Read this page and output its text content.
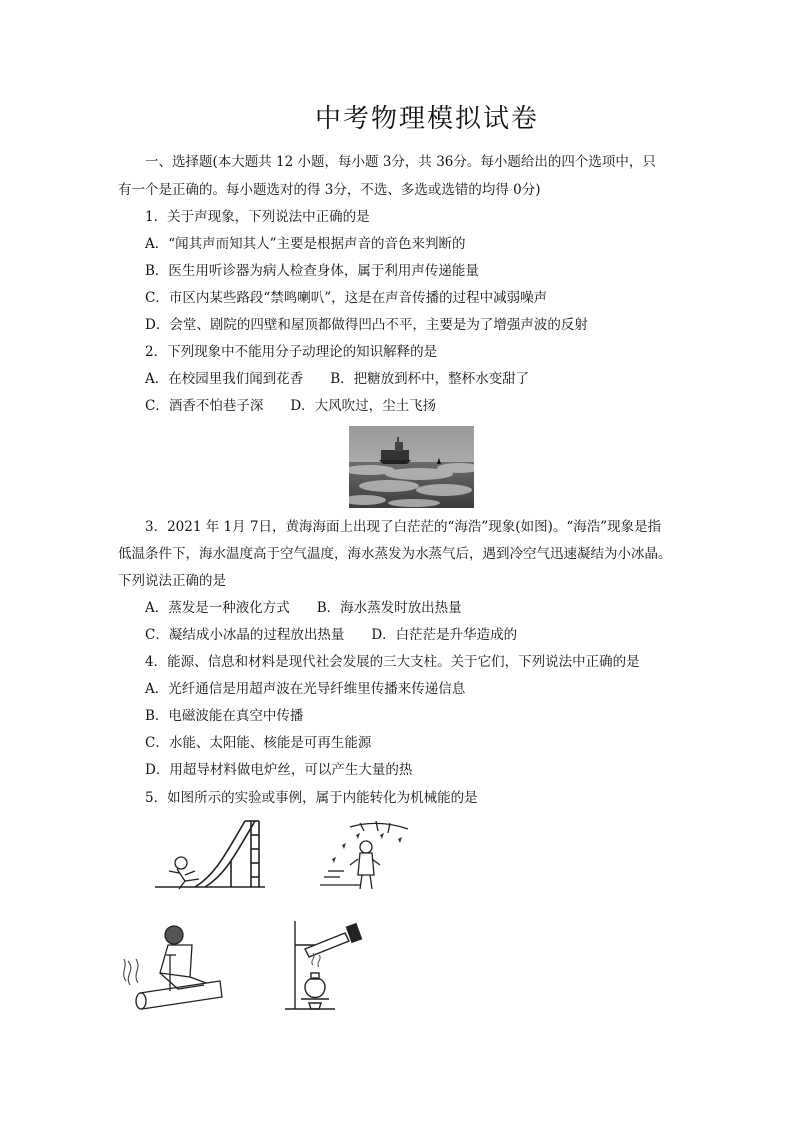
中考物理模拟试卷
一、选择题(本大题共 12 小题，每小题 3分，共 36分。每小题给出的四个选项中，只
有一个是正确的。每小题选对的得 3分，不选、多选或选错的均得 0分)
1．关于声现象，下列说法中正确的是
A．“闻其声而知其人”主要是根据声音的音色来判断的
B．医生用听诊器为病人检查身体，属于利用声传递能量
C．市区内某些路段“禁鸣喇叭”，这是在声音传播的过程中减弱噪声
D．会堂、剧院的四壁和屋顶都做得凹凸不平，主要是为了增强声波的反射
2．下列现象中不能用分子动理论的知识解释的是
A．在校园里我们闻到花香　　B．把糖放到杯中，整杯水变甜了
C．酒香不怕巷子深　　D．大风吹过，尘土飞扬
3．2021 年 1月 7日，黄海海面上出现了白茫茫的“海浩”现象(如图)。“海浩”现象是指
低温条件下，海水温度高于空气温度，海水蒸发为水蒸气后，遇到冷空气迅速凝结为小冰晶。
下列说法正确的是
A．蒸发是一种液化方式　　B．海水蒸发时放出热量
C．凝结成小冰晶的过程放出热量　　D．白茫茫是升华造成的
4．能源、信息和材料是现代社会发展的三大支柱。关于它们，下列说法中正确的是
A．光纤通信是用超声波在光导纤维里传播来传递信息
B．电磁波能在真空中传播
C．水能、太阳能、核能是可再生能源
D．用超导材料做电炉丝，可以产生大量的热
5．如图所示的实验或事例，属于内能转化为机械能的是
